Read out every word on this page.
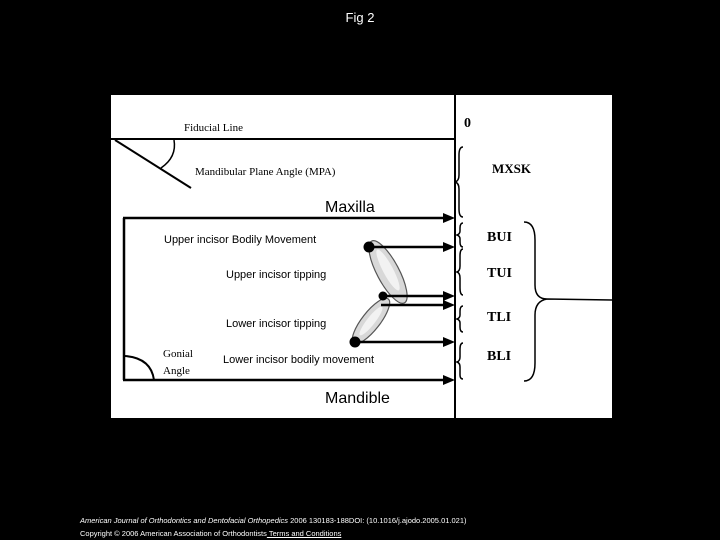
Fig 2
Fiducial Line	0
Mandibular Plane Angle (MPA)	MXSK
Maxilla
Upper incisor Bodily Movement
Upper incisor tipping
Lower incisor tipping
Lower incisor bodily movement
Gonial
Angle
Mandible
BUI
TUI
TLI
BLI
American Journal of Orthodontics and Dentofacial Orthopedics 2006 130183-188DOI: (10.1016/j.ajodo.2005.01.021)
Copyright © 2006 American Association of Orthodontists Terms and Conditions
